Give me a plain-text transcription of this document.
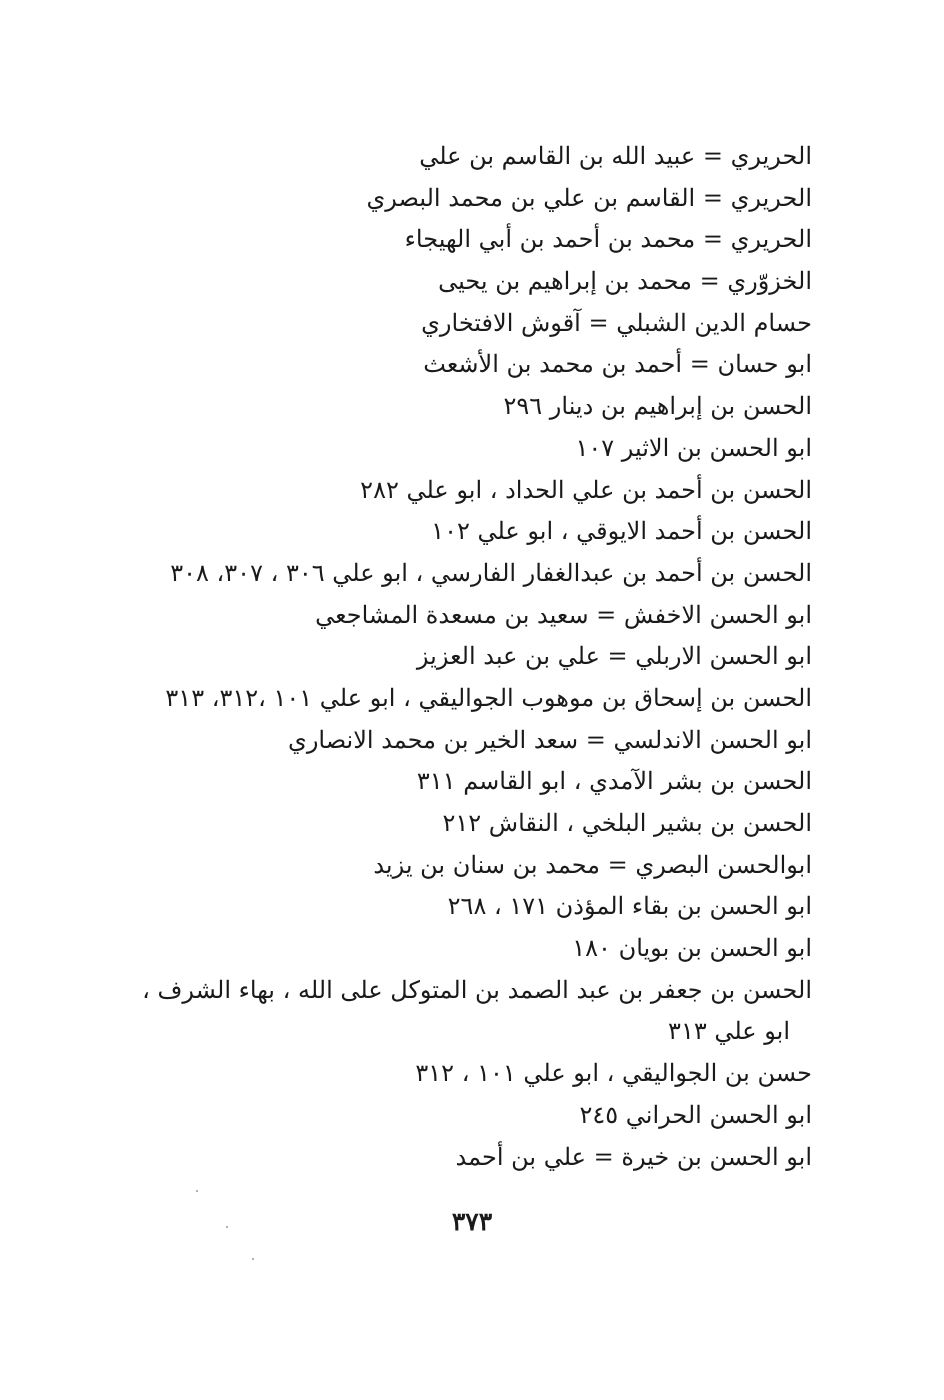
الحريري = عبيد الله بن القاسم بن علي
الحريري = القاسم بن علي بن محمد البصري
الحريري = محمد بن أحمد بن أبي الهيجاء
الخزوّري = محمد بن إبراهيم بن يحيى
حسام الدين الشبلي = آقوش الافتخاري
ابو حسان = أحمد بن محمد بن الأشعث
الحسن بن إبراهيم بن دينار ٢٩٦
ابو الحسن بن الاثير ١٠٧
الحسن بن أحمد بن علي الحداد ، ابو علي ٢٨٢
الحسن بن أحمد الايوقي ، ابو علي ١٠٢
الحسن بن أحمد بن عبدالغفار الفارسي ، ابو علي ٣٠٦ ، ٣٠٧، ٣٠٨
ابو الحسن الاخفش = سعيد بن مسعدة المشاجعي
ابو الحسن الاربلي = علي بن عبد العزيز
الحسن بن إسحاق بن موهوب الجواليقي ، ابو علي ١٠١ ،٣١٢، ٣١٣
ابو الحسن الاندلسي = سعد الخير بن محمد الانصاري
الحسن بن بشر الآمدي ، ابو القاسم ٣١١
الحسن بن بشير البلخي ، النقاش ٢١٢
ابوالحسن البصري = محمد بن سنان بن يزيد
ابو الحسن بن بقاء المؤذن ١٧١ ، ٢٦٨
ابو الحسن بن بويان ١٨٠
الحسن بن جعفر بن عبد الصمد بن المتوكل على الله ، بهاء الشرف ،
ابو علي ٣١٣
حسن بن الجواليقي ، ابو علي ١٠١ ، ٣١٢
ابو الحسن الحراني ٢٤٥
ابو الحسن بن خيرة = علي بن أحمد
٣٧٣
